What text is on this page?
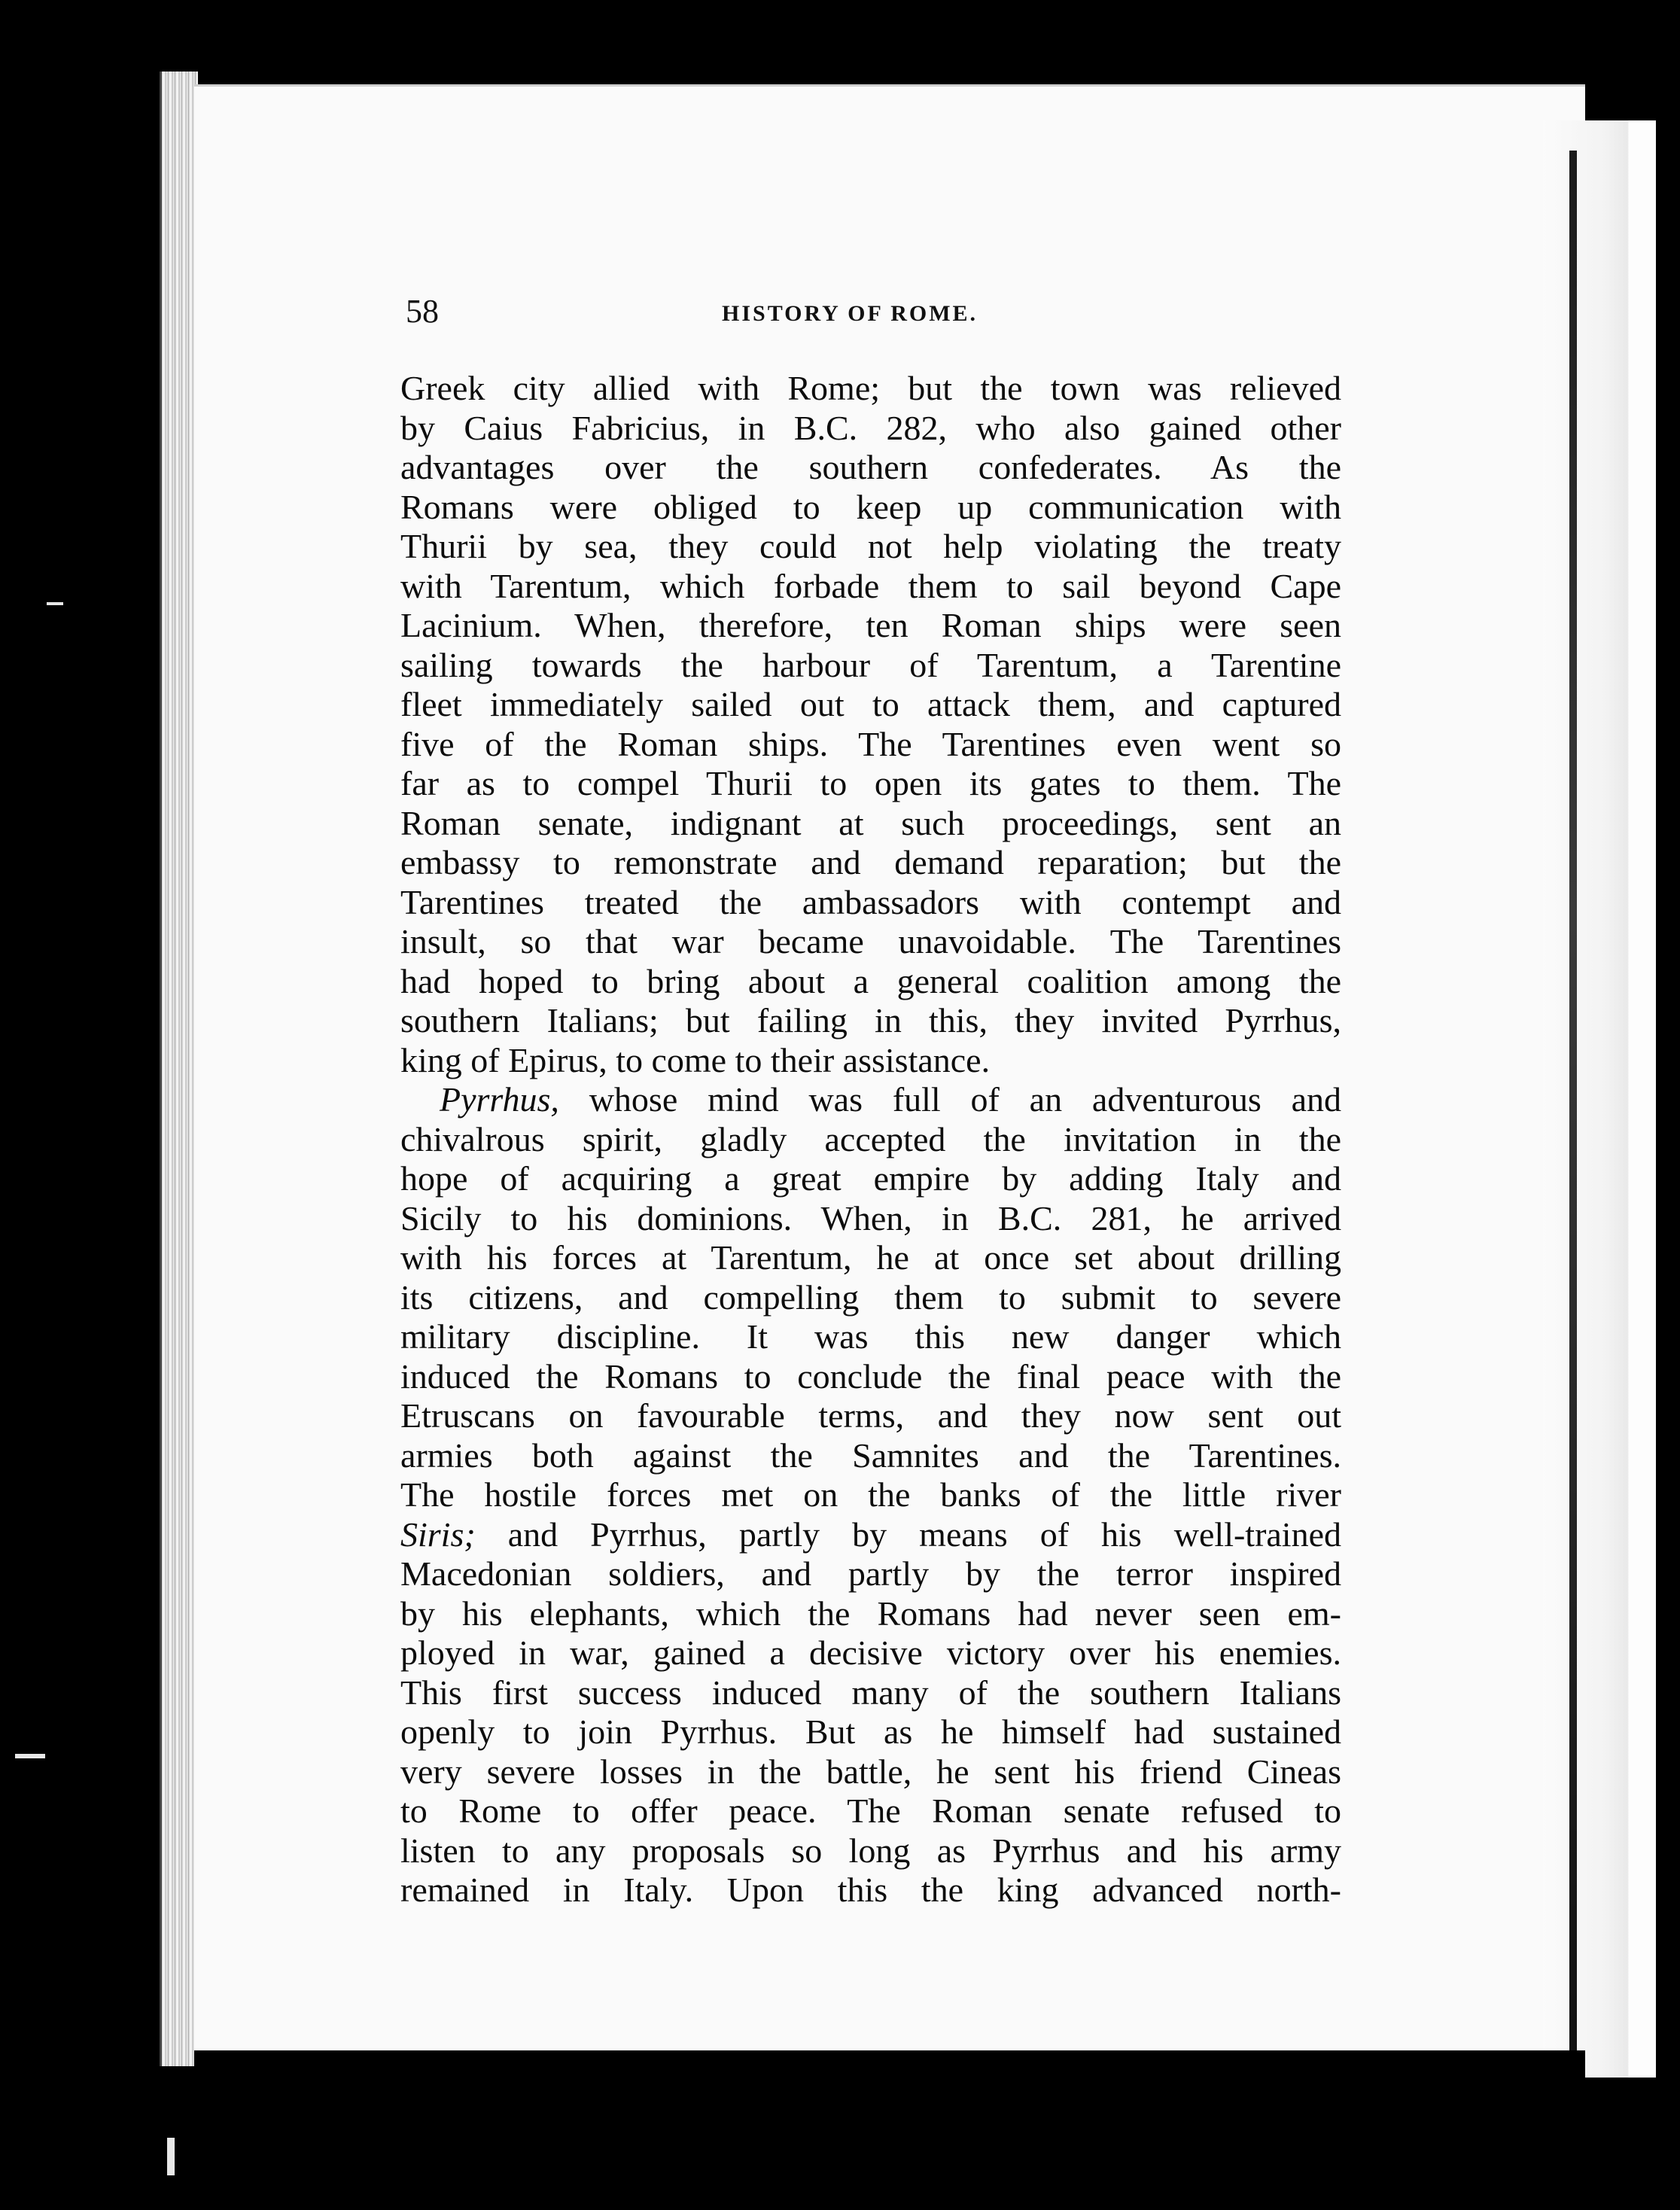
58	HISTORY OF ROME.
Greek city allied with Rome; but the town was relieved
by Caius Fabricius, in B.C. 282, who also gained other
advantages over the southern confederates. As the
Romans were obliged to keep up communication with
Thurii by sea, they could not help violating the treaty
with Tarentum, which forbade them to sail beyond Cape
Lacinium. When, therefore, ten Roman ships were seen
sailing towards the harbour of Tarentum, a Tarentine
fleet immediately sailed out to attack them, and captured
five of the Roman ships. The Tarentines even went so
far as to compel Thurii to open its gates to them. The
Roman senate, indignant at such proceedings, sent an
embassy to remonstrate and demand reparation; but the
Tarentines treated the ambassadors with contempt and
insult, so that war became unavoidable. The Tarentines
had hoped to bring about a general coalition among the
southern Italians; but failing in this, they invited Pyrrhus,
king of Epirus, to come to their assistance.
Pyrrhus, whose mind was full of an adventurous and
chivalrous spirit, gladly accepted the invitation in the
hope of acquiring a great empire by adding Italy and
Sicily to his dominions. When, in B.C. 281, he arrived
with his forces at Tarentum, he at once set about drilling
its citizens, and compelling them to submit to severe
military discipline. It was this new danger which
induced the Romans to conclude the final peace with the
Etruscans on favourable terms, and they now sent out
armies both against the Samnites and the Tarentines.
The hostile forces met on the banks of the little river
Siris; and Pyrrhus, partly by means of his well-trained
Macedonian soldiers, and partly by the terror inspired
by his elephants, which the Romans had never seen em-
ployed in war, gained a decisive victory over his enemies.
This first success induced many of the southern Italians
openly to join Pyrrhus. But as he himself had sustained
very severe losses in the battle, he sent his friend Cineas
to Rome to offer peace. The Roman senate refused to
listen to any proposals so long as Pyrrhus and his army
remained in Italy. Upon this the king advanced north-
